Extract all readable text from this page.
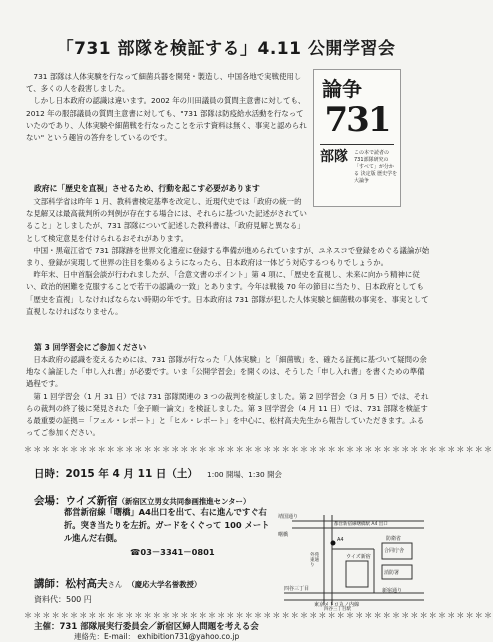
「731 部隊を検証する」4.11 公開学習会

731 部隊は人体実験を行なって細菌兵器を開発・製造し、中国各地で実戦使用して、多くの人を殺害しました。

しかし日本政府の認識は違います。2002 年の川田議員の質問主意書に対しても、2012 年の服部議員の質問主意書に対しても、"731 部隊は防疫給水活動を行なっていたのであり、人体実験や細菌戦を行なったことを示す資料は無く、事実と認められない" という趣旨の答弁をしているのです。

論争
731
部隊 この本で読者の 731部隊研究の「すべて」が分かる 決定版 歴史学を大論争
政府に「歴史を直視」させるため、行動を起こす必要があります

文部科学省は昨年 1 月、教科書検定基準を改定し、近現代史では「政府の統一的な見解又は最高裁判所の判例が存在する場合には、それらに基づいた記述がされていること」としましたが、731 部隊について記述した教科書は、「政府見解と異なる」として検定意見を付けられるおそれがあります。

中国・黒竜江省で 731 部隊跡を世界文化遺産に登録する準備が進められていますが、ユネスコで登録をめぐる議論が始まり、登録が実現して世界の注目を集めるようになったら、日本政府は一体どう対応するつもりでしょうか。

昨年末、日中首脳会談が行われましたが、「合意文書のポイント」第 4 項に、「歴史を直視し、未来に向かう精神に従い、政治的困難を克服することで若干の認識の一致」とあります。今年は戦後 70 年の節目に当たり、日本政府としても「歴史を直視」しなければならない時期の年です。日本政府は 731 部隊が犯した人体実験と細菌戦の事実を、事実として直視しなければなりません。

第 3 回学習会にご参加ください

日本政府の認識を変えるためには、731 部隊が行なった「人体実験」と「細菌戦」を、確たる証拠に基づいて疑問の余地なく論証した「申し入れ書」が必要です。いま「公開学習会」を開くのは、そうした「申し入れ書」を書くための準備過程です。

第 1 回学習会（1 月 31 日）では 731 部隊関連の 3 つの裁判を検証しました。第 2 回学習会（3 月 5 日）では、それらの裁判の終了後に発見された「金子順一論文」を検証しました。第 3 回学習会（4 月 11 日）では、731 部隊を検証する最重要の証拠＝「フェル・レポート」と「ヒル・レポート」を中心に、松村高夫先生から報告していただきます。ふるってご参加ください。

＊＊＊＊＊＊＊＊＊＊＊＊＊＊＊＊＊＊＊＊＊＊＊＊＊＊＊＊＊＊＊＊＊＊＊＊＊＊＊＊＊＊＊＊＊＊＊＊＊＊＊
日時：2015 年 4 月 11 日（土） 1:00 開場、1:30 開会
会場：ウイズ新宿（新宿区立男女共同参画推進センター）
都営新宿線「曙橋」A4出口を出て、右に進んですぐ右折。突き当たりを左折。ガードをくぐって 100 メートル進んだ右側。
☎03－3341－0801
講師：松村高夫さん （慶応大学名誉教授）
資料代：500 円
靖国通り
曙橋
A4
ウイズ新宿
都営新宿線曙橋駅 A4 出口
防衛省
外苑東通り
四谷三丁目	新宿通り
東京メトロ丸ノ内線
四谷三丁目駅
合同庁舎
消防署
＊＊＊＊＊＊＊＊＊＊＊＊＊＊＊＊＊＊＊＊＊＊＊＊＊＊＊＊＊＊＊＊＊＊＊＊＊＊＊＊＊＊＊＊＊＊＊＊＊＊＊
主催：731 部隊展実行委員会／新宿区婦人問題を考える会
連絡先：E-mail： exhibition731@yahoo.co.jp
